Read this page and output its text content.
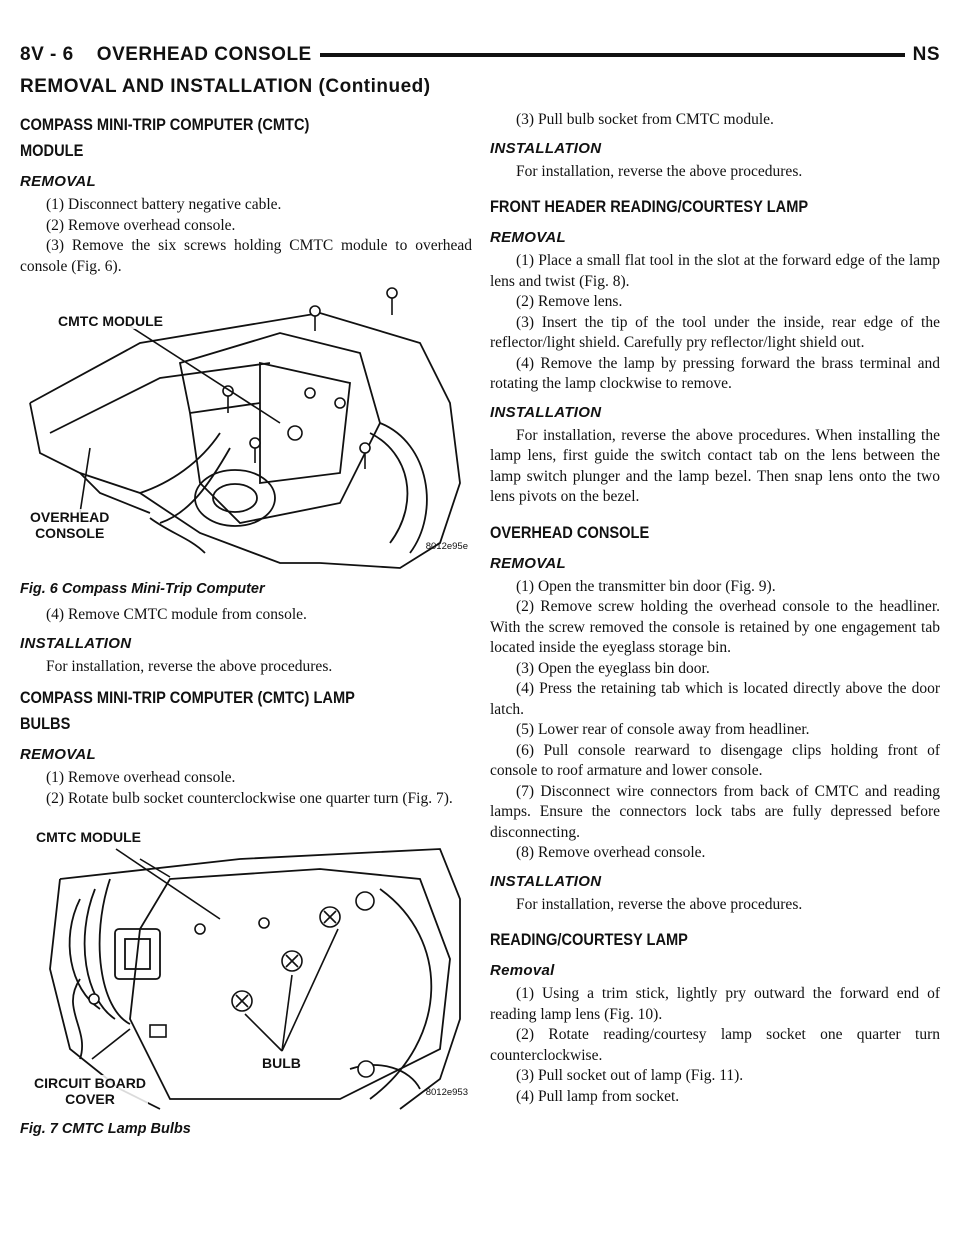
8V - 6    OVERHEAD CONSOLE	NS
REMOVAL AND INSTALLATION (Continued)
COMPASS MINI-TRIP COMPUTER (CMTC)
MODULE
REMOVAL

(1) Disconnect battery negative cable.

(2) Remove overhead console.

(3) Remove the six screws holding CMTC module to overhead console (Fig. 6).

CMTC MODULE
OVERHEAD
CONSOLE
8012e95e
Fig. 6 Compass Mini-Trip Computer

(4) Remove CMTC module from console.

INSTALLATION

For installation, reverse the above procedures.

COMPASS MINI-TRIP COMPUTER (CMTC) LAMP
BULBS
REMOVAL

(1) Remove overhead console.

(2) Rotate bulb socket counterclockwise one quarter turn (Fig. 7).

CMTC MODULE
BULB
CIRCUIT BOARD
COVER	8012e953
Fig. 7 CMTC Lamp Bulbs

(3) Pull bulb socket from CMTC module.

INSTALLATION

For installation, reverse the above procedures.

FRONT HEADER READING/COURTESY LAMP
REMOVAL

(1) Place a small flat tool in the slot at the forward edge of the lamp lens and twist (Fig. 8).

(2) Remove lens.

(3) Insert the tip of the tool under the inside, rear edge of the reflector/light shield. Carefully pry reflector/light shield out.

(4) Remove the lamp by pressing forward the brass terminal and rotating the lamp clockwise to remove.

INSTALLATION

For installation, reverse the above procedures. When installing the lamp lens, first guide the switch contact tab on the lens between the lamp switch plunger and the lamp bezel. Then snap lens onto the two lens pivots on the bezel.

OVERHEAD CONSOLE
REMOVAL

(1) Open the transmitter bin door (Fig. 9).

(2) Remove screw holding the overhead console to the headliner. With the screw removed the console is retained by one engagement tab located inside the eyeglass storage bin.

(3) Open the eyeglass bin door.

(4) Press the retaining tab which is located directly above the door latch.

(5) Lower rear of console away from headliner.

(6) Pull console rearward to disengage clips holding front of console to roof armature and lower console.

(7) Disconnect wire connectors from back of CMTC and reading lamps. Ensure the connectors lock tabs are fully depressed before disconnecting.

(8) Remove overhead console.

INSTALLATION

For installation, reverse the above procedures.

READING/COURTESY LAMP
Removal

(1) Using a trim stick, lightly pry outward the forward end of reading lamp lens (Fig. 10).

(2) Rotate reading/courtesy lamp socket one quarter turn counterclockwise.

(3) Pull socket out of lamp (Fig. 11).

(4) Pull lamp from socket.
